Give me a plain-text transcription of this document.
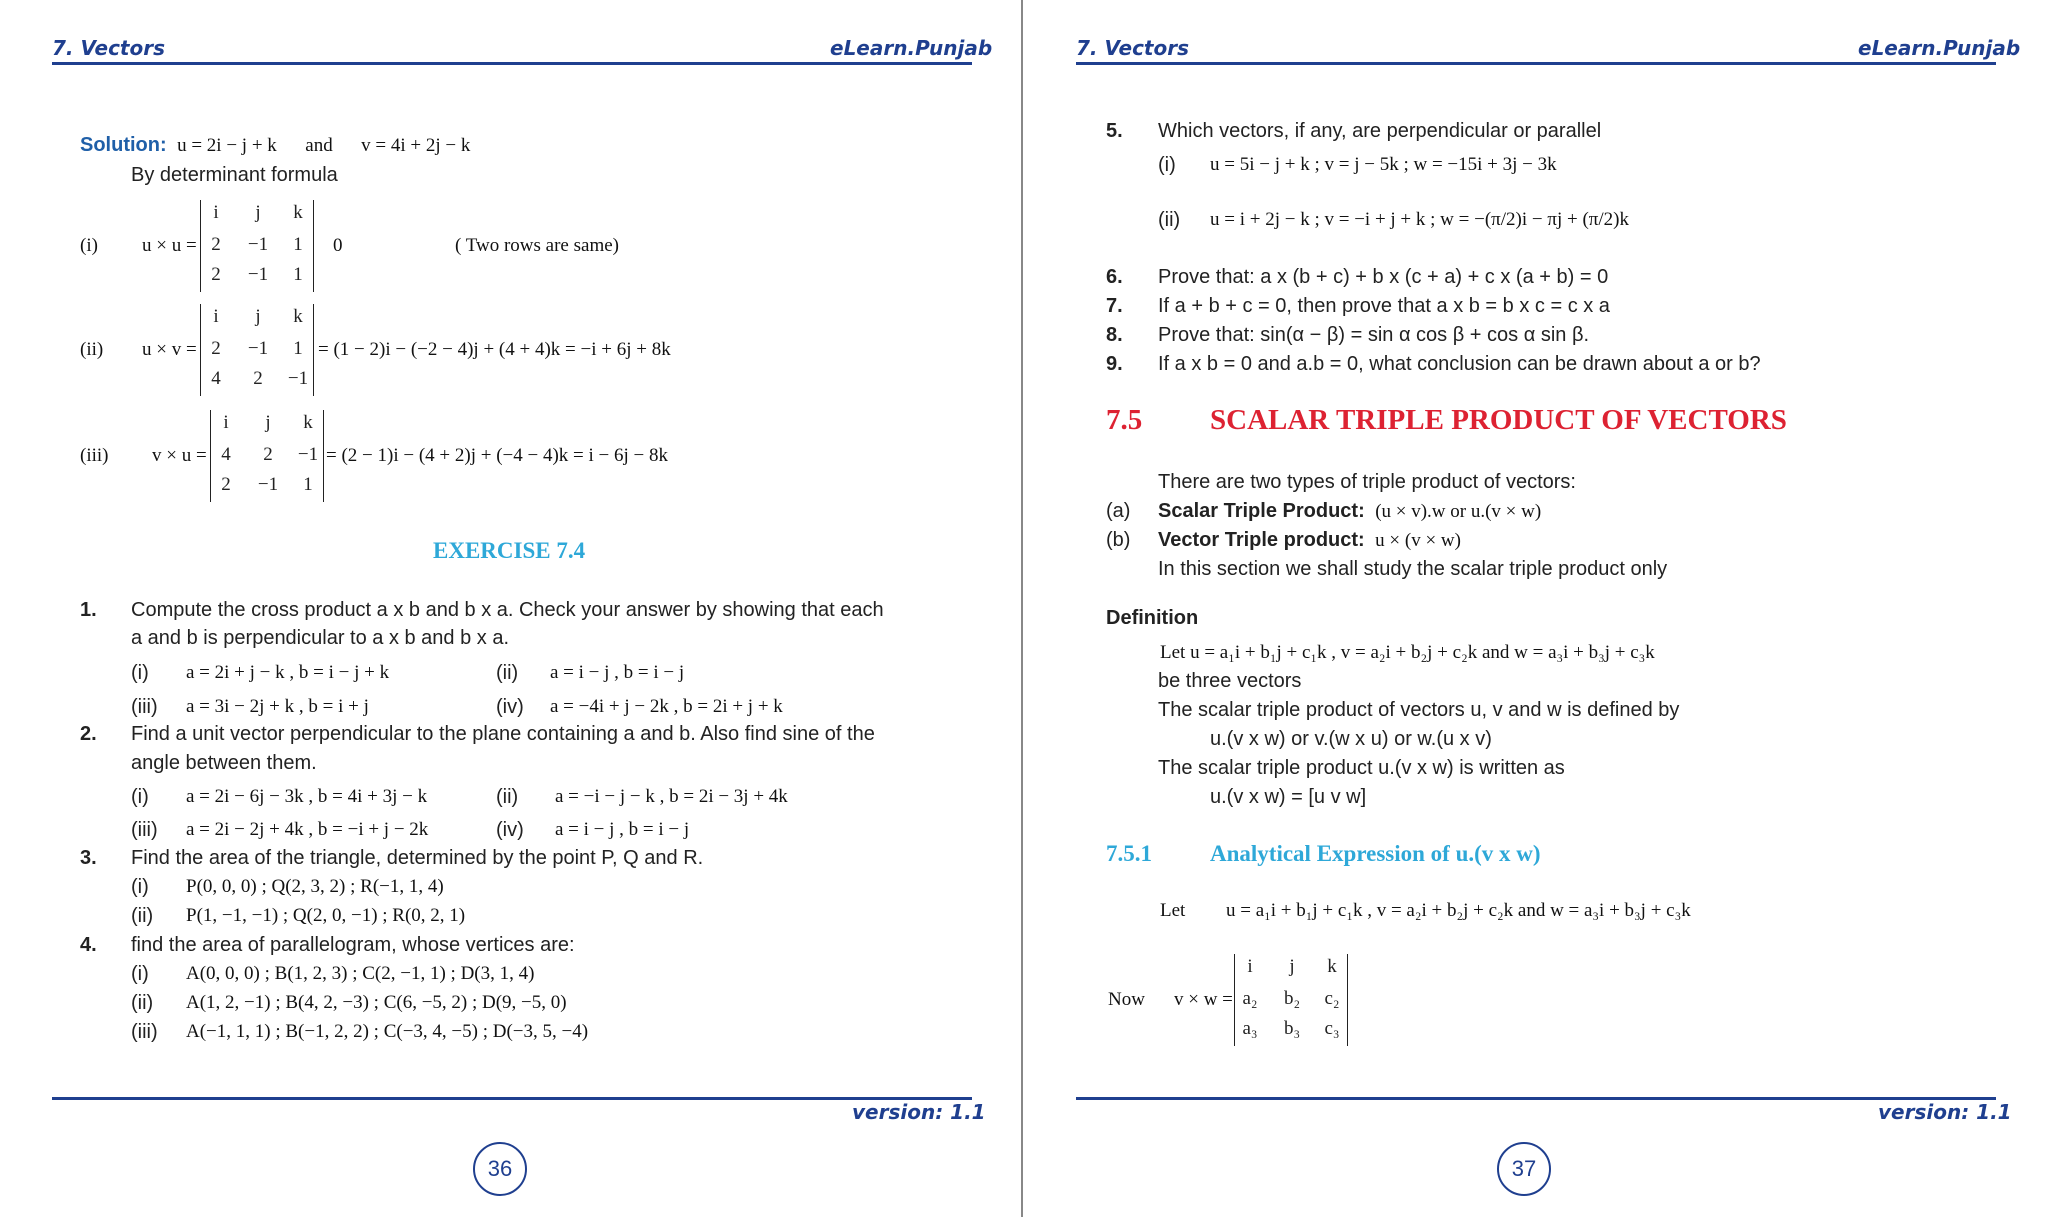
7. Vectors	eLearn.Punjab
Solution: u = 2i − j + k and v = 4i + 2j − k
By determinant formula
(i) u × u =
i	j	k
2	−1	1
2	−1	1
0	( Two rows are same)
(ii) u × v =
i	j	k
2	−1	1
4	2	−1
= (1 − 2)i − (−2 − 4)j + (4 + 4)k = −i + 6j + 8k
(iii) v × u =
i	j	k
4	2	−1
2	−1	1
= (2 − 1)i − (4 + 2)j + (−4 − 4)k = i − 6j − 8k
EXERCISE 7.4
1. Compute the cross product a x b and b x a. Check your answer by showing that each
a and b is perpendicular to a x b and b x a.
(i) a = 2i + j − k , b = i − j + k	(ii) a = i − j , b = i − j
(iii) a = 3i − 2j + k , b = i + j	(iv) a = −4i + j − 2k , b = 2i + j + k
2. Find a unit vector perpendicular to the plane containing a and b. Also find sine of the
angle between them.
(i) a = 2i − 6j − 3k , b = 4i + 3j − k	(ii) a = −i − j − k , b = 2i − 3j + 4k
(iii) a = 2i − 2j + 4k , b = −i + j − 2k	(iv) a = i − j , b = i − j
3. Find the area of the triangle, determined by the point P, Q and R.
(i) P(0, 0, 0) ; Q(2, 3, 2) ; R(−1, 1, 4)
(ii) P(1, −1, −1) ; Q(2, 0, −1) ; R(0, 2, 1)
4. find the area of parallelogram, whose vertices are:
(i) A(0, 0, 0) ; B(1, 2, 3) ; C(2, −1, 1) ; D(3, 1, 4)
(ii) A(1, 2, −1) ; B(4, 2, −3) ; C(6, −5, 2) ; D(9, −5, 0)
(iii) A(−1, 1, 1) ; B(−1, 2, 2) ; C(−3, 4, −5) ; D(−3, 5, −4)
version: 1.1
36
7. Vectors	eLearn.Punjab
5. Which vectors, if any, are perpendicular or parallel
(i) u = 5i − j + k ; v = j − 5k ; w = −15i + 3j − 3k
(ii) u = i + 2j − k ; v = −i + j + k ; w = −(π/2)i − πj + (π/2)k
6. Prove that: a x (b + c) + b x (c + a) + c x (a + b) = 0
7. If a + b + c = 0, then prove that a x b = b x c = c x a
8. Prove that: sin(α − β) = sin α cos β + cos α sin β.
9. If a x b = 0 and a.b = 0, what conclusion can be drawn about a or b?
7.5 SCALAR TRIPLE PRODUCT OF VECTORS
There are two types of triple product of vectors:
(a) Scalar Triple Product: (u × v).w or u.(v × w)
(b) Vector Triple product: u × (v × w)
In this section we shall study the scalar triple product only
Definition
Let u = a₁i + b₁j + c₁k , v = a₂i + b₂j + c₂k and w = a₃i + b₃j + c₃k
be three vectors
The scalar triple product of vectors u, v and w is defined by
u.(v x w) or v.(w x u) or w.(u x v)
The scalar triple product u.(v x w) is written as
u.(v x w) = [u v w]
7.5.1	Analytical Expression of u.(v x w)
Let u = a₁i + b₁j + c₁k , v = a₂i + b₂j + c₂k and w = a₃i + b₃j + c₃k
Now v × w =
i	j	k
a₂	b₂	c₂
a₃	b₃	c₃
version: 1.1
37
